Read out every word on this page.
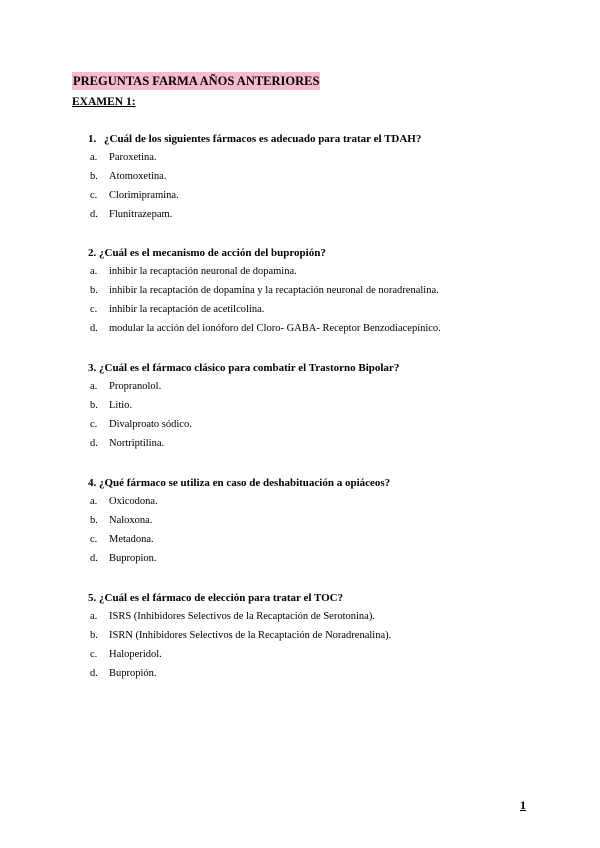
PREGUNTAS FARMA AÑOS ANTERIORES
EXAMEN 1:
1. ¿Cuál de los siguientes fármacos es adecuado para tratar el TDAH?
a. Paroxetina.
b. Atomoxetina.
c. Clorimipramina.
d. Flunitrazepam.
2. ¿Cuál es el mecanismo de acción del bupropión?
a. inhibir la recaptación neuronal de dopamina.
b. inhibir la recaptación de dopamina y la recaptación neuronal de noradrenalina.
c. inhibir la recaptación de acetilcolina.
d. modular la acción del ionóforo del Cloro- GABA- Receptor Benzodiacepínico.
3. ¿Cuál es el fármaco clásico para combatir el Trastorno Bipolar?
a. Propranolol.
b. Litio.
c. Divalproato sódico.
d. Nortriptilina.
4. ¿Qué fármaco se utiliza en caso de deshabituación a opiáceos?
a. Oxicodona.
b. Naloxona.
c. Metadona.
d. Bupropion.
5. ¿Cuál es el fármaco de elección para tratar el TOC?
a. ISRS (Inhibidores Selectivos de la Recaptación de Serotonina).
b. ISRN (Inhibidores Selectivos de la Recaptación de Noradrenalina).
c. Haloperidol.
d. Bupropión.
1
